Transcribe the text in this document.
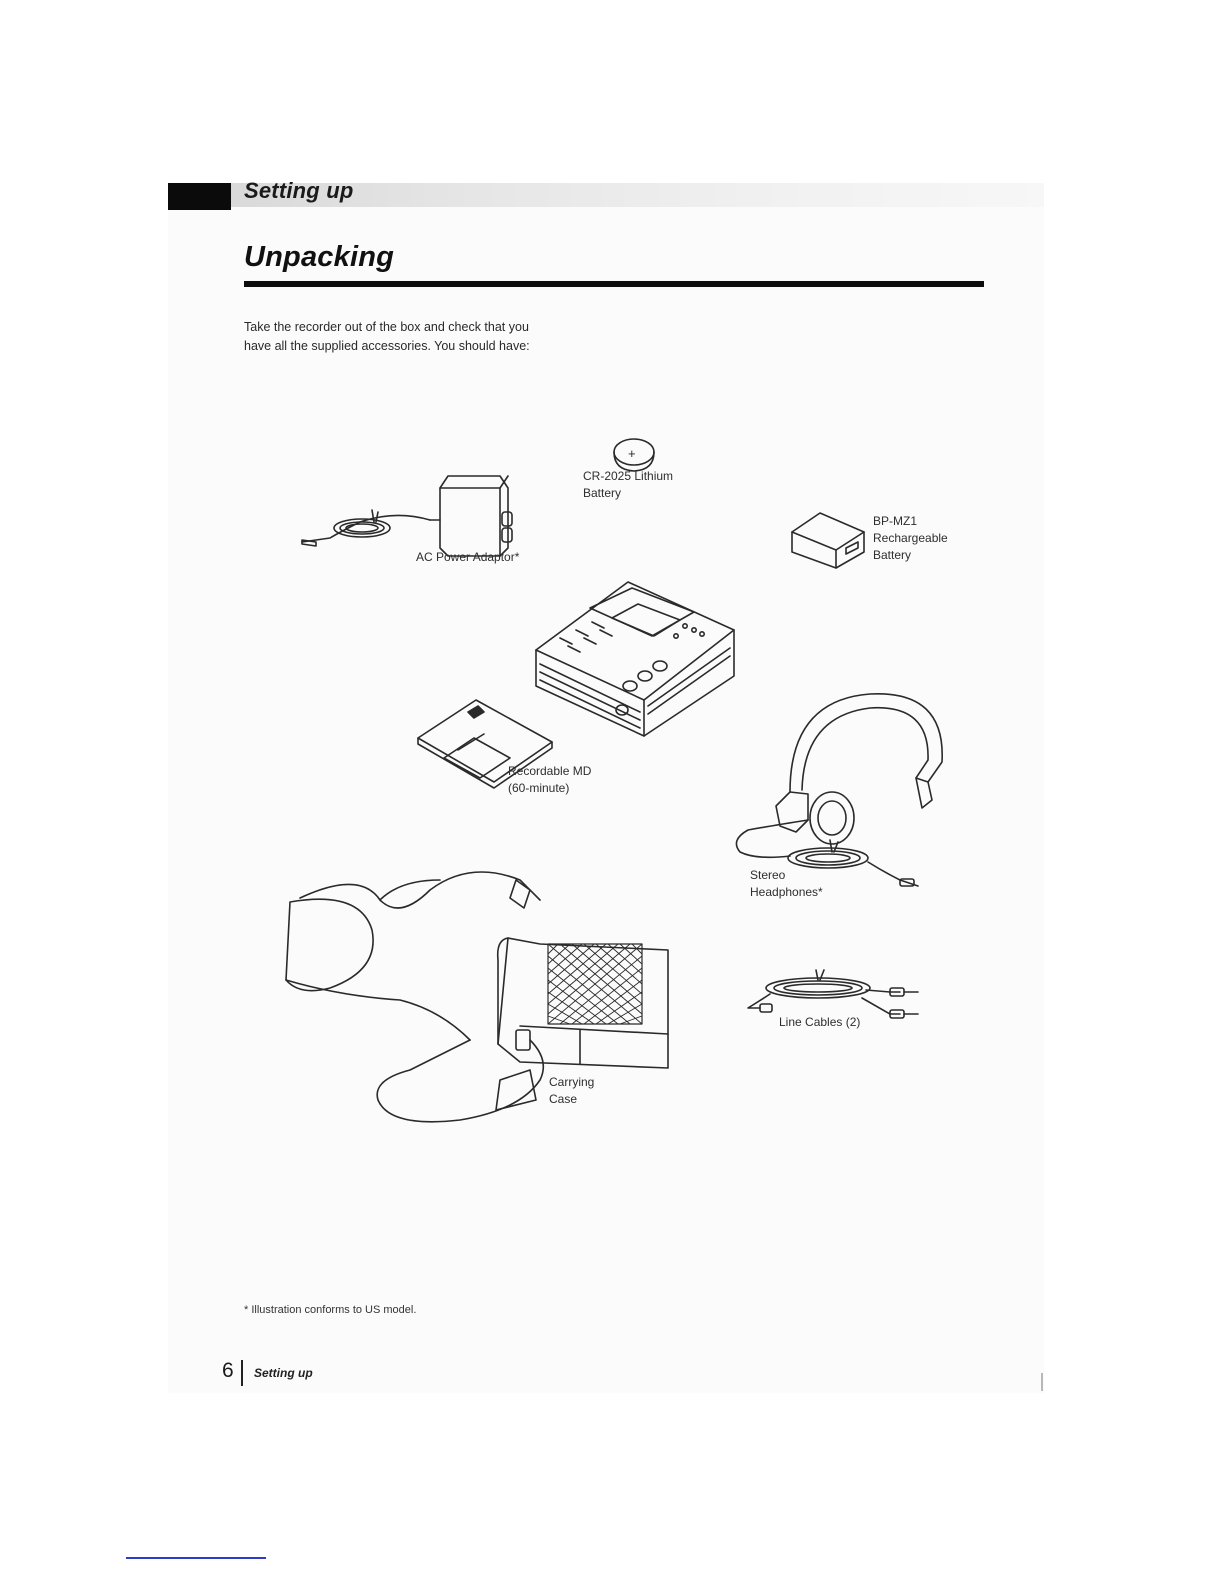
Setting up
Unpacking
Take the recorder out of the box and check that you
have all the supplied accessories. You should have:
+
CR-2025 Lithium
Battery
AC Power Adaptor*
BP-MZ1
Rechargeable
Battery
Recordable MD
(60-minute)
Stereo
Headphones*
Line Cables (2)
Carrying
Case
* Illustration conforms to US model.
6 Setting up
